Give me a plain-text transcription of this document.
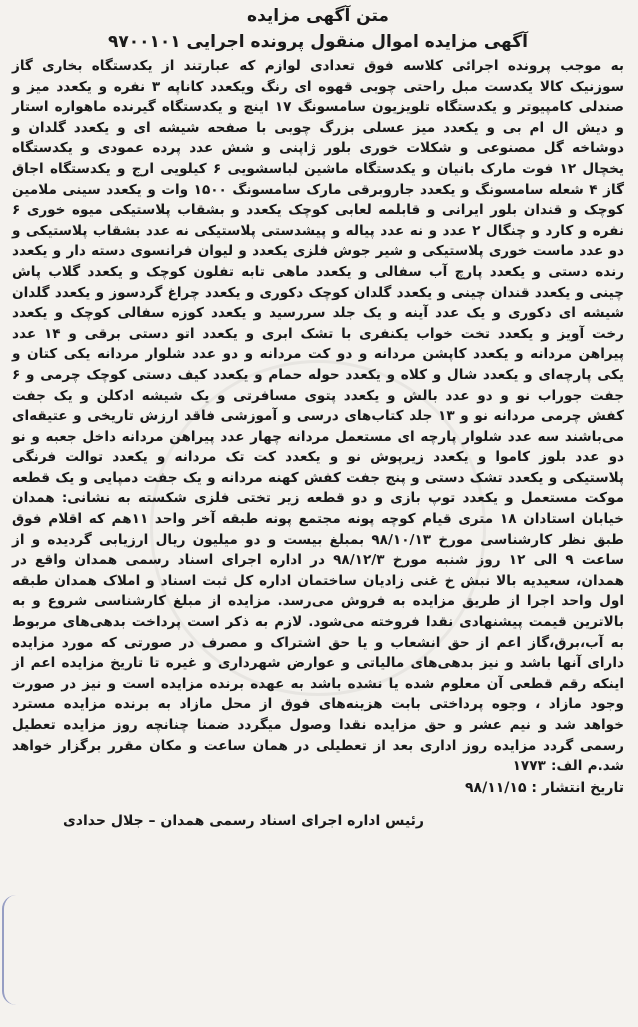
متن آگهی مزایده
آگهی مزایده اموال منقول پرونده اجرایی ۹۷۰۰۱۰۱

به موجب پرونده اجرائی کلاسه فوق تعدادی لوازم که عبارتند از یکدستگاه بخاری گاز سوزنیک کالا یکدست مبل راحتی چوبی قهوه ای رنگ ویکعدد کاناپه ۳ نفره و یکعدد میز و صندلی کامپیوتر و یکدستگاه تلویزیون سامسونگ ۱۷ اینچ و یکدستگاه گیرنده ماهواره استار و دیش ال ام بی و یکعدد میز عسلی بزرگ چوبی با صفحه شیشه ای و یکعدد گلدان و دوشاخه گل مصنوعی و شکلات خوری بلور ژاپنی و شش عدد پرده عمودی و یکدستگاه یخچال ۱۲ فوت مارک بانیان و یکدستگاه ماشین لباسشویی ۶ کیلویی ارج و یکدستگاه اجاق گاز ۴ شعله سامسونگ و یکعدد جاروبرقی مارک سامسونگ ۱۵۰۰ وات و یکعدد سینی ملامین کوچک و قندان بلور ایرانی و قابلمه لعابی کوچک یکعدد و بشقاب پلاستیکی میوه خوری ۶ نفره و کارد و چنگال ۲ عدد و نه عدد پیاله و پیشدستی پلاستیکی نه عدد بشقاب پلاستیکی و دو عدد ماست خوری پلاستیکی و شیر جوش فلزی یکعدد و لیوان فرانسوی دسته دار و یکعدد رنده دستی و یکعدد پارچ آب سفالی و یکعدد ماهی تابه تفلون کوچک و یکعدد گلاب پاش چینی و یکعدد قندان چینی و یکعدد گلدان کوچک دکوری و یکعدد چراغ گردسوز و یکعدد گلدان شیشه ای دکوری و یک عدد آینه و یک جلد سررسید و یکعدد کوزه سفالی کوچک و یکعدد رخت آویز و یکعدد تخت خواب یکنفری با تشک ابری و یکعدد اتو دستی برقی و ۱۴ عدد پیراهن مردانه و یکعدد کاپشن مردانه و دو کت مردانه و دو عدد شلوار مردانه یکی کتان و یکی پارچه‌ای و یکعدد شال و کلاه و یکعدد حوله حمام و یکعدد کیف دستی کوچک چرمی و ۶ جفت جوراب نو و دو عدد بالش و یکعدد پتوی مسافرتی و یک شیشه ادکلن و یک جفت کفش چرمی مردانه نو و ۱۳ جلد کتاب‌های درسی و آموزشی فاقد ارزش تاریخی و عتیقه‌ای می‌باشند سه عدد شلوار پارچه ای مستعمل مردانه چهار عدد پیراهن مردانه داخل جعبه و نو دو عدد بلوز کاموا و یکعدد زیرپوش نو و یکعدد کت تک مردانه و یکعدد توالت فرنگی پلاستیکی و یکعدد تشک دستی و پنج جفت کفش کهنه مردانه و یک جفت دمپایی و یک قطعه موکت مستعمل و یکعدد توپ بازی و دو قطعه زیر تختی فلزی شکسته به نشانی: همدان خیابان استادان ۱۸ متری قیام کوچه پونه مجتمع پونه طبقه آخر واحد ۱۱هم که اقلام فوق طبق نظر کارشناسی مورخ ۹۸/۱۰/۱۳ بمبلغ بیست و دو میلیون ریال ارزیابی گردیده و از ساعت ۹ الی ۱۲ روز شنبه مورخ ۹۸/۱۲/۳ در اداره اجرای اسناد رسمی همدان واقع در همدان، سعیدیه بالا نبش خ غنی زادیان ساختمان اداره کل ثبت اسناد و املاک همدان طبقه اول واحد اجرا از طریق مزایده به فروش می‌رسد. مزایده از مبلغ کارشناسی شروع و به بالاترین قیمت پیشنهادی نقدا فروخته می‌شود. لازم به ذکر است پرداخت بدهی‌های مربوط به آب،برق،گاز اعم از حق انشعاب و یا حق اشتراک و مصرف در صورتی که مورد مزایده دارای آنها باشد و نیز بدهی‌های مالیاتی و عوارض شهرداری و غیره تا تاریخ مزایده اعم از اینکه رقم قطعی آن معلوم شده یا نشده باشد به عهده برنده مزایده است و نیز در صورت وجود مازاد ، وجوه پرداختی بابت هزینه‌های فوق از محل مازاد به برنده مزایده مسترد خواهد شد و نیم عشر و حق مزایده نقدا وصول میگردد ضمنا چنانچه روز مزایده تعطیل رسمی گردد مزایده روز اداری بعد از تعطیلی در همان ساعت و مکان مقرر برگزار خواهد شد.م الف: ۱۷۷۳

تاریخ انتشار : ۹۸/۱۱/۱۵

رئیس اداره اجرای اسناد رسمی همدان – جلال حدادی
